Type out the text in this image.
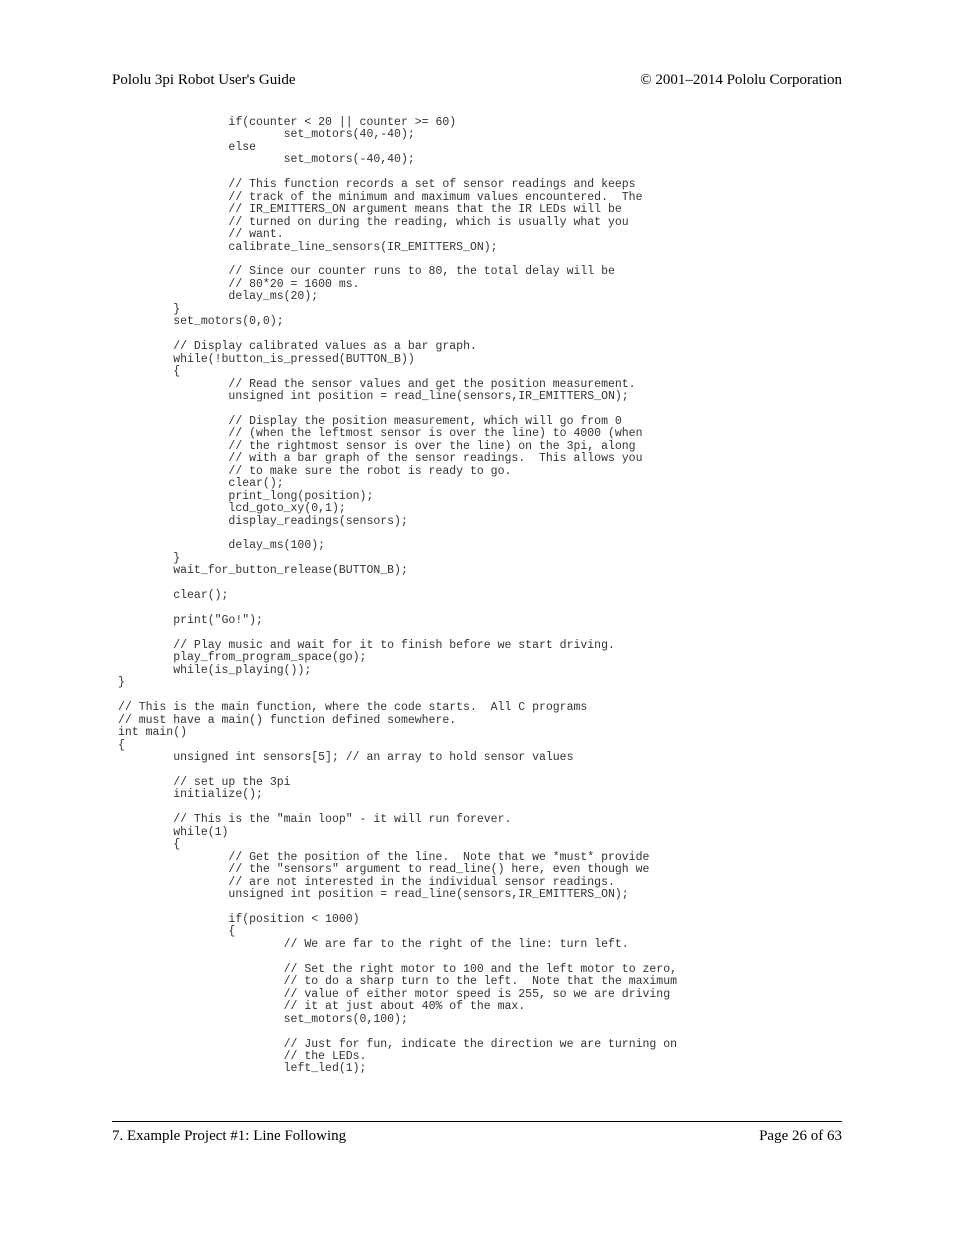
Pololu 3pi Robot User's Guide	© 2001–2014 Pololu Corporation
		if(counter < 20 || counter >= 60)
			set_motors(40,-40);
		else
			set_motors(-40,40);

		// This function records a set of sensor readings and keeps
		// track of the minimum and maximum values encountered.  The
		// IR_EMITTERS_ON argument means that the IR LEDs will be
		// turned on during the reading, which is usually what you
		// want.
		calibrate_line_sensors(IR_EMITTERS_ON);

		// Since our counter runs to 80, the total delay will be
		// 80*20 = 1600 ms.
		delay_ms(20);
	}
	set_motors(0,0);

	// Display calibrated values as a bar graph.
	while(!button_is_pressed(BUTTON_B))
	{
		// Read the sensor values and get the position measurement.
		unsigned int position = read_line(sensors,IR_EMITTERS_ON);

		// Display the position measurement, which will go from 0
		// (when the leftmost sensor is over the line) to 4000 (when
		// the rightmost sensor is over the line) on the 3pi, along
		// with a bar graph of the sensor readings.  This allows you
		// to make sure the robot is ready to go.
		clear();
		print_long(position);
		lcd_goto_xy(0,1);
		display_readings(sensors);

		delay_ms(100);
	}
	wait_for_button_release(BUTTON_B);

	clear();

	print("Go!");

	// Play music and wait for it to finish before we start driving.
	play_from_program_space(go);
	while(is_playing());
}

// This is the main function, where the code starts.  All C programs
// must have a main() function defined somewhere.
int main()
{
	unsigned int sensors[5]; // an array to hold sensor values

	// set up the 3pi
	initialize();

	// This is the "main loop" - it will run forever.
	while(1)
	{
		// Get the position of the line.  Note that we *must* provide
		// the "sensors" argument to read_line() here, even though we
		// are not interested in the individual sensor readings.
		unsigned int position = read_line(sensors,IR_EMITTERS_ON);

		if(position < 1000)
		{
			// We are far to the right of the line: turn left.

			// Set the right motor to 100 and the left motor to zero,
			// to do a sharp turn to the left.  Note that the maximum
			// value of either motor speed is 255, so we are driving
			// it at just about 40% of the max.
			set_motors(0,100);

			// Just for fun, indicate the direction we are turning on
			// the LEDs.
			left_led(1);
7. Example Project #1: Line Following	Page 26 of 63
